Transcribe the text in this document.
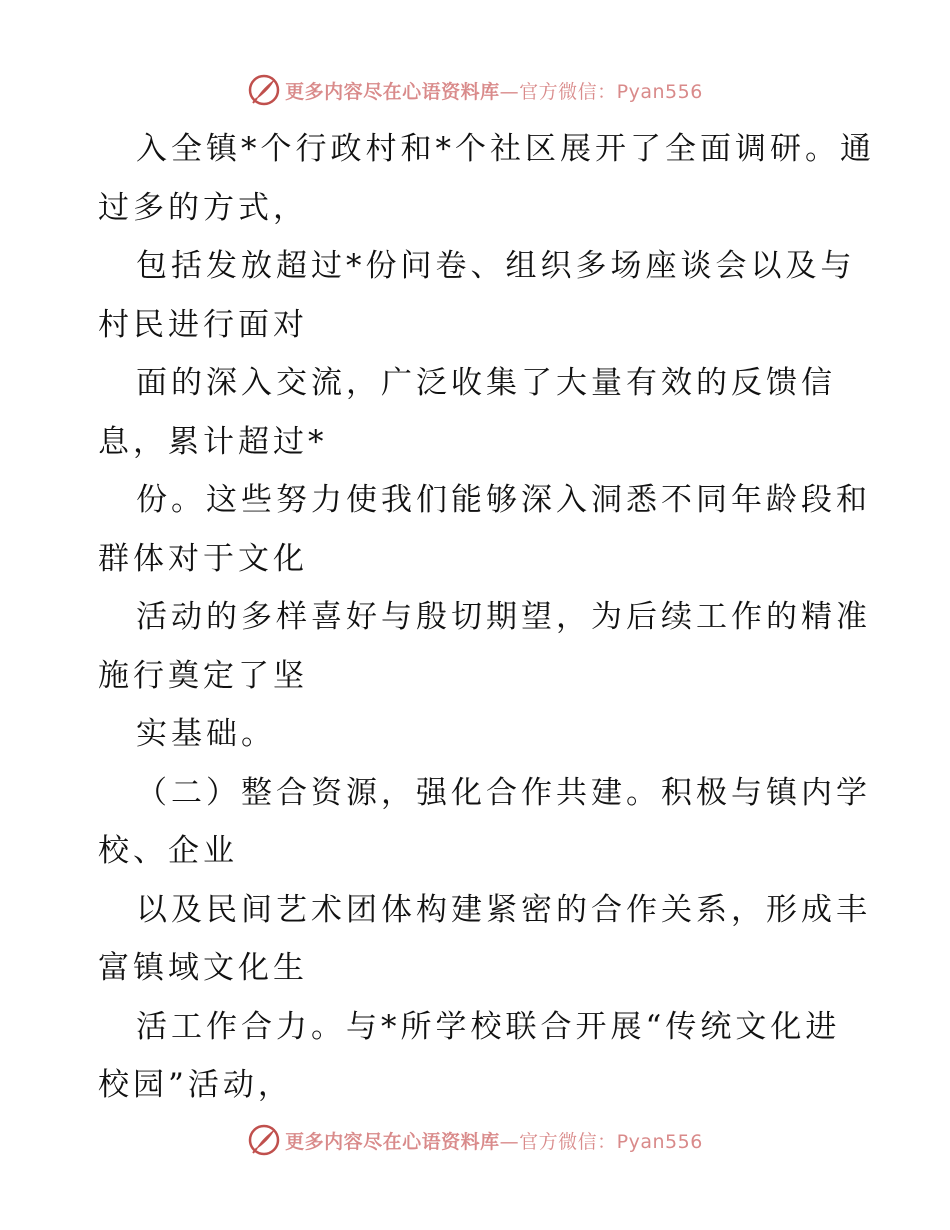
更多内容尽在心语资料库—官方微信：Pyan556
入全镇*个行政村和*个社区展开了全面调研。通
过多的方式，
包括发放超过*份问卷、组织多场座谈会以及与
村民进行面对
面的深入交流，广泛收集了大量有效的反馈信
息，累计超过*
份。这些努力使我们能够深入洞悉不同年龄段和
群体对于文化
活动的多样喜好与殷切期望，为后续工作的精准
施行奠定了坚
实基础。
（二）整合资源，强化合作共建。积极与镇内学
校、企业
以及民间艺术团体构建紧密的合作关系，形成丰
富镇域文化生
活工作合力。与*所学校联合开展“传统文化进
校园”活动，
更多内容尽在心语资料库—官方微信：Pyan556
